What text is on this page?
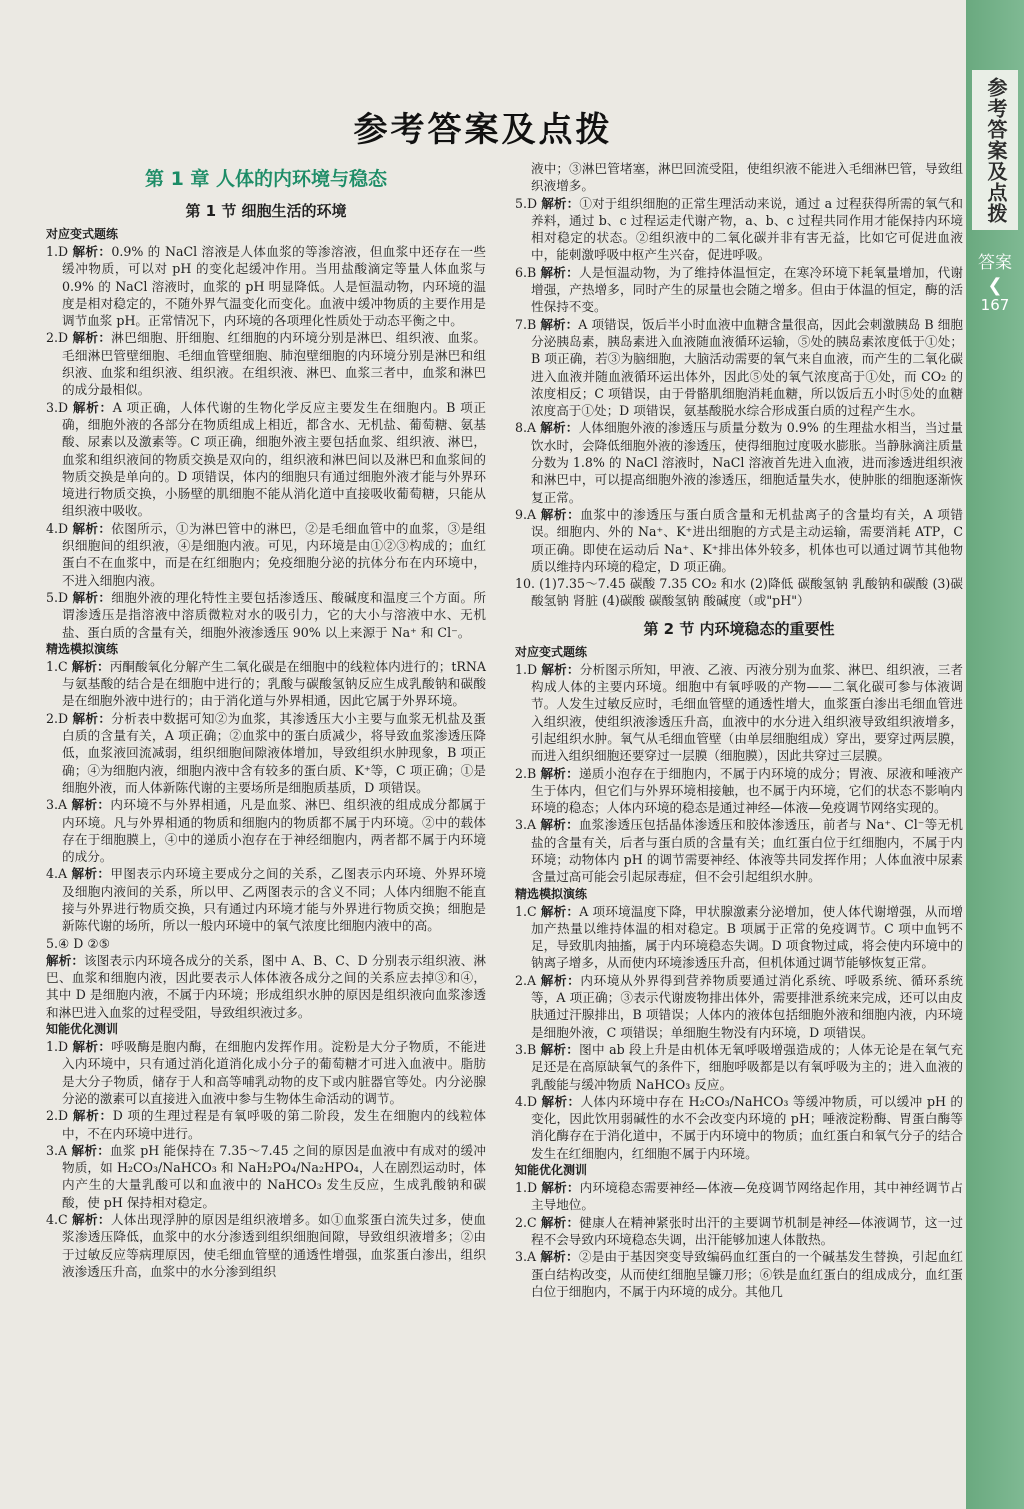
参考答案及点拨
答案
❮
167
参考答案及点拨
第 1 章 人体的内环境与稳态
第 1 节 细胞生活的环境
对应变式题练
1.D 解析：0.9% 的 NaCl 溶液是人体血浆的等渗溶液，但血浆中还存在一些缓冲物质，可以对 pH 的变化起缓冲作用。当用盐酸滴定等量人体血浆与 0.9% 的 NaCl 溶液时，血浆的 pH 明显降低。人是恒温动物，内环境的温度是相对稳定的，不随外界气温变化而变化。血液中缓冲物质的主要作用是调节血浆 pH。正常情况下，内环境的各项理化性质处于动态平衡之中。
2.D 解析：淋巴细胞、肝细胞、红细胞的内环境分别是淋巴、组织液、血浆。毛细淋巴管壁细胞、毛细血管壁细胞、肺泡壁细胞的内环境分别是淋巴和组织液、血浆和组织液、组织液。在组织液、淋巴、血浆三者中，血浆和淋巴的成分最相似。
3.D 解析：A 项正确，人体代谢的生物化学反应主要发生在细胞内。B 项正确，细胞外液的各部分在物质组成上相近，都含水、无机盐、葡萄糖、氨基酸、尿素以及激素等。C 项正确，细胞外液主要包括血浆、组织液、淋巴，血浆和组织液间的物质交换是双向的，组织液和淋巴间以及淋巴和血浆间的物质交换是单向的。D 项错误，体内的细胞只有通过细胞外液才能与外界环境进行物质交换，小肠壁的肌细胞不能从消化道中直接吸收葡萄糖，只能从组织液中吸收。
4.D 解析：依图所示，①为淋巴管中的淋巴，②是毛细血管中的血浆，③是组织细胞间的组织液，④是细胞内液。可见，内环境是由①②③构成的；血红蛋白不在血浆中，而是在红细胞内；免疫细胞分泌的抗体分布在内环境中，不进入细胞内液。
5.D 解析：细胞外液的理化特性主要包括渗透压、酸碱度和温度三个方面。所谓渗透压是指溶液中溶质微粒对水的吸引力，它的大小与溶液中水、无机盐、蛋白质的含量有关，细胞外液渗透压 90% 以上来源于 Na⁺ 和 Cl⁻。
精选模拟演练
1.C 解析：丙酮酸氧化分解产生二氧化碳是在细胞中的线粒体内进行的；tRNA 与氨基酸的结合是在细胞中进行的；乳酸与碳酸氢钠反应生成乳酸钠和碳酸是在细胞外液中进行的；由于消化道与外界相通，因此它属于外界环境。
2.D 解析：分析表中数据可知②为血浆，其渗透压大小主要与血浆无机盐及蛋白质的含量有关，A 项正确；②血浆中的蛋白质减少，将导致血浆渗透压降低，血浆液回流减弱，组织细胞间隙液体增加，导致组织水肿现象，B 项正确；④为细胞内液，细胞内液中含有较多的蛋白质、K⁺等，C 项正确；①是细胞外液，而人体新陈代谢的主要场所是细胞质基质，D 项错误。
3.A 解析：内环境不与外界相通，凡是血浆、淋巴、组织液的组成成分都属于内环境。凡与外界相通的物质和细胞内的物质都不属于内环境。②中的载体存在于细胞膜上，④中的递质小泡存在于神经细胞内，两者都不属于内环境的成分。
4.A 解析：甲图表示内环境主要成分之间的关系，乙图表示内环境、外界环境及细胞内液间的关系，所以甲、乙两图表示的含义不同；人体内细胞不能直接与外界进行物质交换，只有通过内环境才能与外界进行物质交换；细胞是新陈代谢的场所，所以一般内环境中的氧气浓度比细胞内液中的高。
5.④ D ②⑤
解析：该图表示内环境各成分的关系，图中 A、B、C、D 分别表示组织液、淋巴、血浆和细胞内液，因此要表示人体体液各成分之间的关系应去掉③和④，其中 D 是细胞内液，不属于内环境；形成组织水肿的原因是组织液向血浆渗透和淋巴进入血浆的过程受阻，导致组织液过多。
知能优化测训
1.D 解析：呼吸酶是胞内酶，在细胞内发挥作用。淀粉是大分子物质，不能进入内环境中，只有通过消化道消化成小分子的葡萄糖才可进入血液中。脂肪是大分子物质，储存于人和高等哺乳动物的皮下或内脏器官等处。内分泌腺分泌的激素可以直接进入血液中参与生物体生命活动的调节。
2.D 解析：D 项的生理过程是有氧呼吸的第二阶段，发生在细胞内的线粒体中，不在内环境中进行。
3.A 解析：血浆 pH 能保持在 7.35～7.45 之间的原因是血液中有成对的缓冲物质，如 H₂CO₃/NaHCO₃ 和 NaH₂PO₄/Na₂HPO₄，人在剧烈运动时，体内产生的大量乳酸可以和血液中的 NaHCO₃ 发生反应，生成乳酸钠和碳酸，使 pH 保持相对稳定。
4.C 解析：人体出现浮肿的原因是组织液增多。如①血浆蛋白流失过多，使血浆渗透压降低，血浆中的水分渗透到组织细胞间隙，导致组织液增多；②由于过敏反应等病理原因，使毛细血管壁的通透性增强，血浆蛋白渗出，组织液渗透压升高，血浆中的水分渗到组织
液中；③淋巴管堵塞，淋巴回流受阻，使组织液不能进入毛细淋巴管，导致组织液增多。
5.D 解析：①对于组织细胞的正常生理活动来说，通过 a 过程获得所需的氧气和养料，通过 b、c 过程运走代谢产物，a、b、c 过程共同作用才能保持内环境相对稳定的状态。②组织液中的二氧化碳并非有害无益，比如它可促进血液中，能刺激呼吸中枢产生兴奋，促进呼吸。
6.B 解析：人是恒温动物，为了维持体温恒定，在寒冷环境下耗氧量增加，代谢增强，产热增多，同时产生的尿量也会随之增多。但由于体温的恒定，酶的活性保持不变。
7.B 解析：A 项错误，饭后半小时血液中血糖含量很高，因此会刺激胰岛 B 细胞分泌胰岛素，胰岛素进入血液随血液循环运输，⑤处的胰岛素浓度低于①处；B 项正确，若③为脑细胞，大脑活动需要的氧气来自血液，而产生的二氧化碳进入血液并随血液循环运出体外，因此⑤处的氧气浓度高于①处，而 CO₂ 的浓度相反；C 项错误，由于骨骼肌细胞消耗血糖，所以饭后五小时⑤处的血糖浓度高于①处；D 项错误，氨基酸脱水综合形成蛋白质的过程产生水。
8.A 解析：人体细胞外液的渗透压与质量分数为 0.9% 的生理盐水相当，当过量饮水时，会降低细胞外液的渗透压，使得细胞过度吸水膨胀。当静脉滴注质量分数为 1.8% 的 NaCl 溶液时，NaCl 溶液首先进入血液，进而渗透进组织液和淋巴中，可以提高细胞外液的渗透压，细胞适量失水，使肿胀的细胞逐渐恢复正常。
9.A 解析：血浆中的渗透压与蛋白质含量和无机盐离子的含量均有关，A 项错误。细胞内、外的 Na⁺、K⁺进出细胞的方式是主动运输，需要消耗 ATP，C 项正确。即使在运动后 Na⁺、K⁺排出体外较多，机体也可以通过调节其他物质以维持内环境的稳定，D 项正确。
10. (1)7.35～7.45 碳酸 7.35 CO₂ 和水 (2)降低 碳酸氢钠 乳酸钠和碳酸 (3)碳酸氢钠 肾脏 (4)碳酸 碳酸氢钠 酸碱度（或"pH"）
第 2 节 内环境稳态的重要性
对应变式题练
1.D 解析：分析图示所知，甲液、乙液、丙液分别为血浆、淋巴、组织液，三者构成人体的主要内环境。细胞中有氧呼吸的产物——二氧化碳可参与体液调节。人发生过敏反应时，毛细血管壁的通透性增大，血浆蛋白渗出毛细血管进入组织液，使组织液渗透压升高，血液中的水分进入组织液导致组织液增多，引起组织水肿。氧气从毛细血管壁（由单层细胞组成）穿出，要穿过两层膜，而进入组织细胞还要穿过一层膜（细胞膜），因此共穿过三层膜。
2.B 解析：递质小泡存在于细胞内，不属于内环境的成分；胃液、尿液和唾液产生于体内，但它们与外界环境相接触，也不属于内环境，它们的状态不影响内环境的稳态；人体内环境的稳态是通过神经—体液—免疫调节网络实现的。
3.A 解析：血浆渗透压包括晶体渗透压和胶体渗透压，前者与 Na⁺、Cl⁻等无机盐的含量有关，后者与蛋白质的含量有关；血红蛋白位于红细胞内，不属于内环境；动物体内 pH 的调节需要神经、体液等共同发挥作用；人体血液中尿素含量过高可能会引起尿毒症，但不会引起组织水肿。
精选模拟演练
1.C 解析：A 项环境温度下降，甲状腺激素分泌增加，使人体代谢增强，从而增加产热量以维持体温的相对稳定。B 项属于正常的免疫调节。C 项中血钙不足，导致肌肉抽搐，属于内环境稳态失调。D 项食物过咸，将会使内环境中的钠离子增多，从而使内环境渗透压升高，但机体通过调节能够恢复正常。
2.A 解析：内环境从外界得到营养物质要通过消化系统、呼吸系统、循环系统等，A 项正确；③表示代谢废物排出体外，需要排泄系统来完成，还可以由皮肤通过汗腺排出，B 项错误；人体内的液体包括细胞外液和细胞内液，内环境是细胞外液，C 项错误；单细胞生物没有内环境，D 项错误。
3.B 解析：图中 ab 段上升是由机体无氧呼吸增强造成的；人体无论是在氧气充足还是在高原缺氧气的条件下，细胞呼吸都是以有氧呼吸为主的；进入血液的乳酸能与缓冲物质 NaHCO₃ 反应。
4.D 解析：人体内环境中存在 H₂CO₃/NaHCO₃ 等缓冲物质，可以缓冲 pH 的变化，因此饮用弱碱性的水不会改变内环境的 pH；唾液淀粉酶、胃蛋白酶等消化酶存在于消化道中，不属于内环境中的物质；血红蛋白和氧气分子的结合发生在红细胞内，红细胞不属于内环境。
知能优化测训
1.D 解析：内环境稳态需要神经—体液—免疫调节网络起作用，其中神经调节占主导地位。
2.C 解析：健康人在精神紧张时出汗的主要调节机制是神经—体液调节，这一过程不会导致内环境稳态失调，出汗能够加速人体散热。
3.A 解析：②是由于基因突变导致编码血红蛋白的一个碱基发生替换，引起血红蛋白结构改变，从而使红细胞呈镰刀形；⑥铁是血红蛋白的组成成分，血红蛋白位于细胞内，不属于内环境的成分。其他几
